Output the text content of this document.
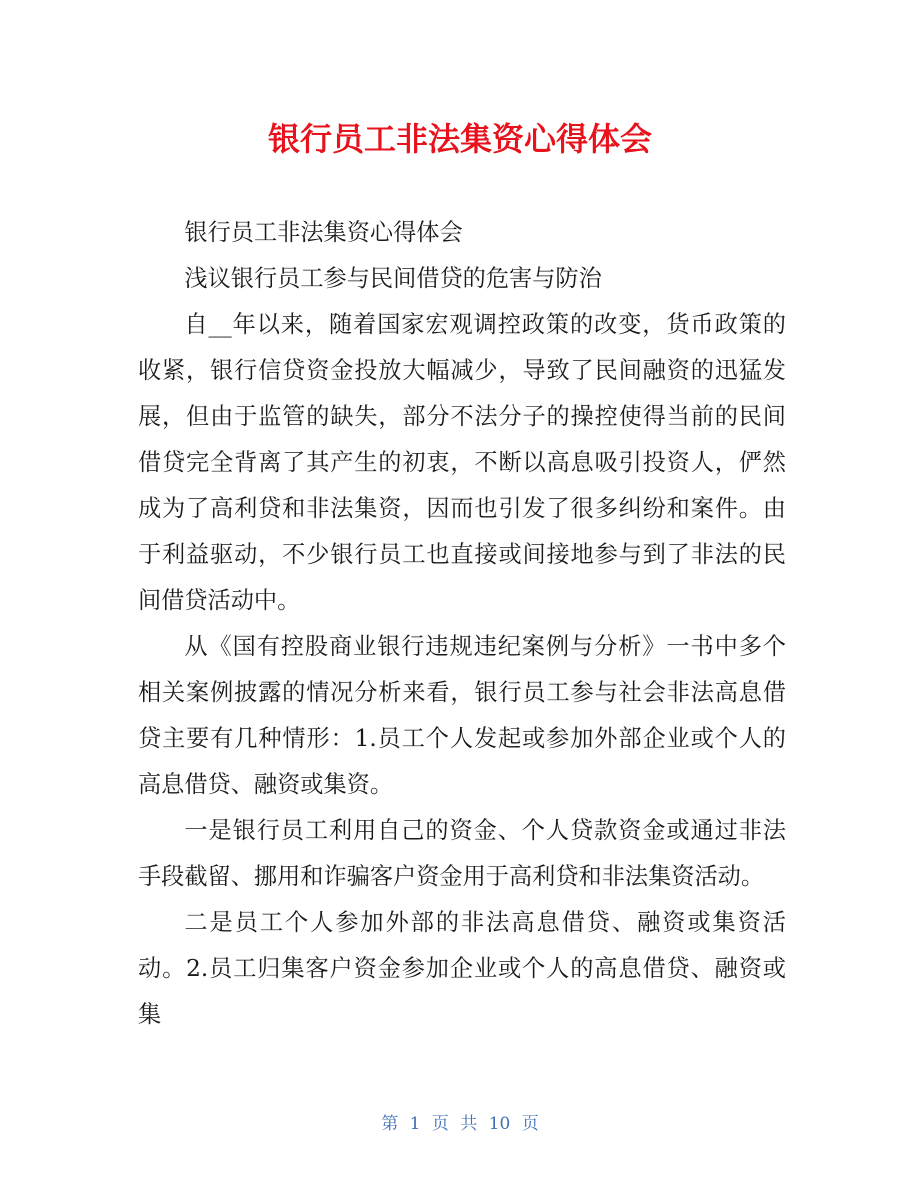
银行员工非法集资心得体会

银行员工非法集资心得体会

浅议银行员工参与民间借贷的危害与防治

自__年以来，随着国家宏观调控政策的改变，货币政策的收紧，银行信贷资金投放大幅减少，导致了民间融资的迅猛发展，但由于监管的缺失，部分不法分子的操控使得当前的民间借贷完全背离了其产生的初衷，不断以高息吸引投资人，俨然成为了高利贷和非法集资，因而也引发了很多纠纷和案件。由于利益驱动，不少银行员工也直接或间接地参与到了非法的民间借贷活动中。

从《国有控股商业银行违规违纪案例与分析》一书中多个相关案例披露的情况分析来看，银行员工参与社会非法高息借贷主要有几种情形：1.员工个人发起或参加外部企业或个人的高息借贷、融资或集资。

一是银行员工利用自己的资金、个人贷款资金或通过非法手段截留、挪用和诈骗客户资金用于高利贷和非法集资活动。

二是员工个人参加外部的非法高息借贷、融资或集资活动。2.员工归集客户资金参加企业或个人的高息借贷、融资或集

第 1 页 共 10 页
